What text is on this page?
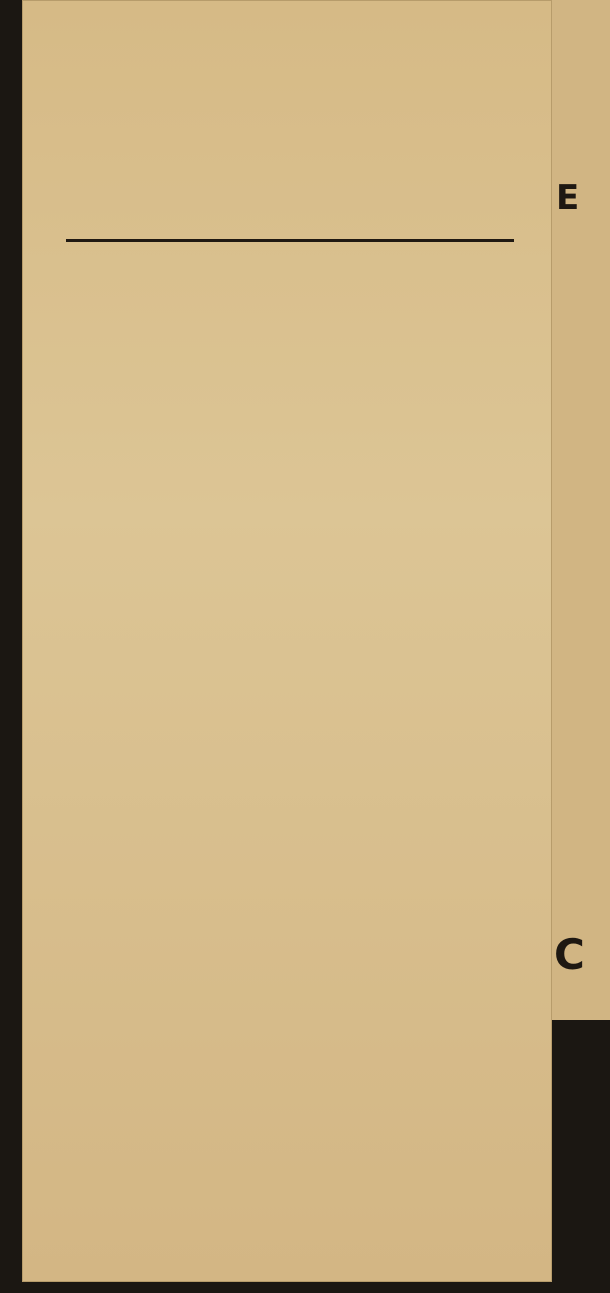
E
C
